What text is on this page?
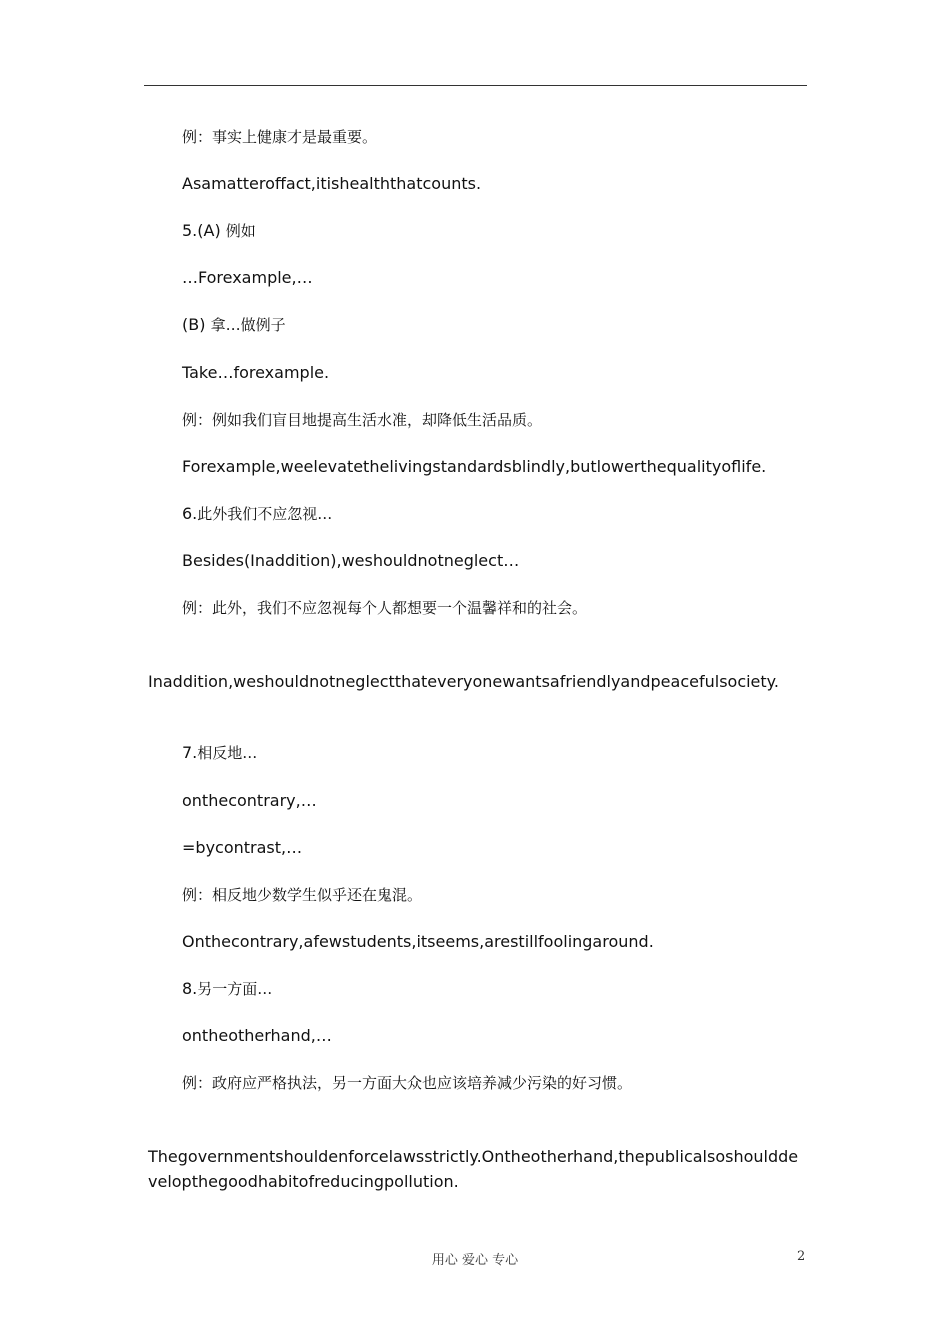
例：事实上健康才是最重要。
Asamatteroffact,itishealththatcounts.
5.(A) 例如
…Forexample,…
(B) 拿…做例子
Take…forexample.
例：例如我们盲目地提高生活水准，却降低生活品质。
Forexample,weelevatethelivingstandardsblindly,butlowerthequalityoflife.
6.此外我们不应忽视…
Besides(Inaddition),weshouldnotneglect…
例：此外，我们不应忽视每个人都想要一个温馨祥和的社会。
Inaddition,weshouldnotneglectthateveryonewantsafriendlyandpeacefulsociety.
7.相反地…
onthecontrary,…
=bycontrast,…
例：相反地少数学生似乎还在鬼混。
Onthecontrary,afewstudents,itseems,arestillfoolingaround.
8.另一方面…
ontheotherhand,…
例：政府应严格执法，另一方面大众也应该培养减少污染的好习惯。
Thegovernmentshouldenforcelawsstrictly.Ontheotherhand,thepublicalsoshoulddevelopthegoodhabitofreducingpollution.
用心 爱心 专心	2
